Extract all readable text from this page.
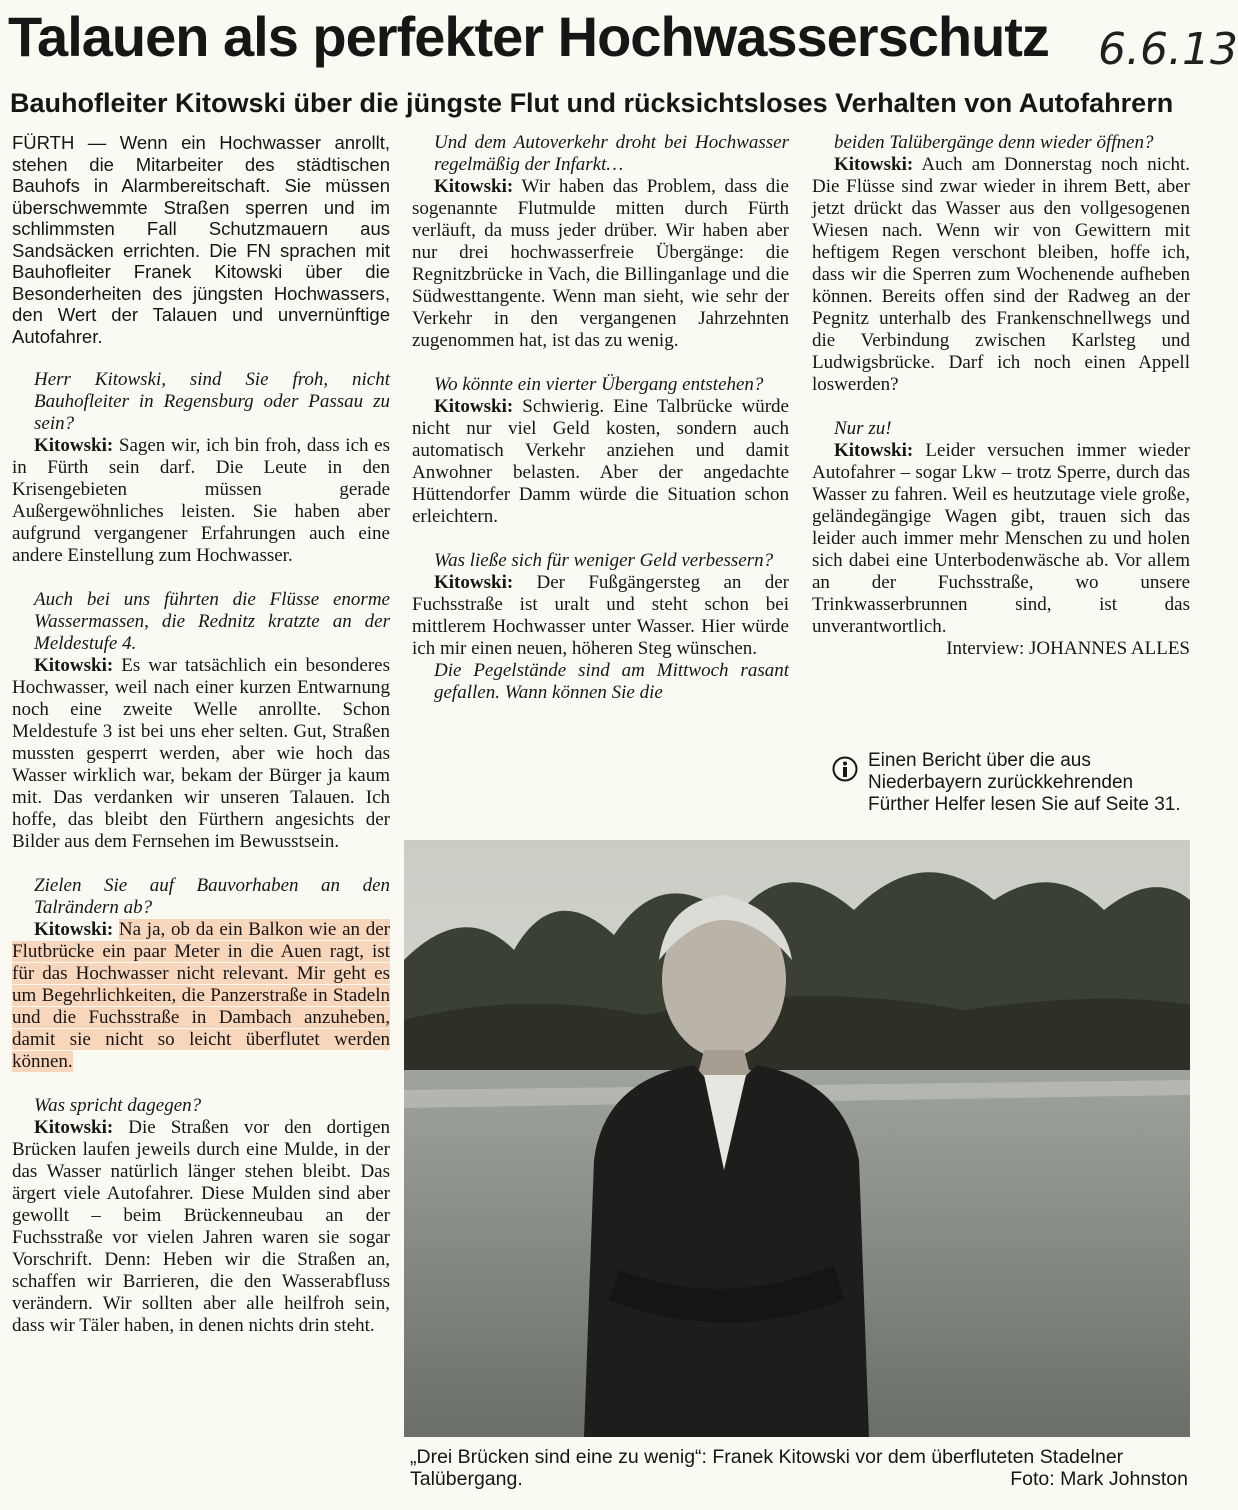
Talauen als perfekter Hochwasserschutz	6.6.13
Bauhofleiter Kitowski über die jüngste Flut und rücksichtsloses Verhalten von Autofahrern

FÜRTH — Wenn ein Hochwasser anrollt, stehen die Mitarbeiter des städtischen Bauhofs in Alarmbereitschaft. Sie müssen überschwemmte Straßen sperren und im schlimmsten Fall Schutzmauern aus Sandsäcken errichten. Die FN sprachen mit Bauhofleiter Franek Kitowski über die Besonderheiten des jüngsten Hochwassers, den Wert der Talauen und unvernünftige Autofahrer.

Herr Kitowski, sind Sie froh, nicht Bauhofleiter in Regensburg oder Passau zu sein?

Kitowski: Sagen wir, ich bin froh, dass ich es in Fürth sein darf. Die Leute in den Krisengebieten müssen gerade Außergewöhnliches leisten. Sie haben aber aufgrund vergangener Erfahrungen auch eine andere Einstellung zum Hochwasser.

Auch bei uns führten die Flüsse enorme Wassermassen, die Rednitz kratzte an der Meldestufe 4.

Kitowski: Es war tatsächlich ein besonderes Hochwasser, weil nach einer kurzen Entwarnung noch eine zweite Welle anrollte. Schon Meldestufe 3 ist bei uns eher selten. Gut, Straßen mussten gesperrt werden, aber wie hoch das Wasser wirklich war, bekam der Bürger ja kaum mit. Das verdanken wir unseren Talauen. Ich hoffe, das bleibt den Fürthern angesichts der Bilder aus dem Fernsehen im Bewusstsein.

Zielen Sie auf Bauvorhaben an den Talrändern ab?

Kitowski: Na ja, ob da ein Balkon wie an der Flutbrücke ein paar Meter in die Auen ragt, ist für das Hochwasser nicht relevant. Mir geht es um Begehrlichkeiten, die Panzerstraße in Stadeln und die Fuchsstraße in Dambach anzuheben, damit sie nicht so leicht überflutet werden können.

Was spricht dagegen?

Kitowski: Die Straßen vor den dortigen Brücken laufen jeweils durch eine Mulde, in der das Wasser natürlich länger stehen bleibt. Das ärgert viele Autofahrer. Diese Mulden sind aber gewollt – beim Brückenneubau an der Fuchsstraße vor vielen Jahren waren sie sogar Vorschrift. Denn: Heben wir die Straßen an, schaffen wir Barrieren, die den Wasserabfluss verändern. Wir sollten aber alle heilfroh sein, dass wir Täler haben, in denen nichts drin steht.

Und dem Autoverkehr droht bei Hochwasser regelmäßig der Infarkt…

Kitowski: Wir haben das Problem, dass die sogenannte Flutmulde mitten durch Fürth verläuft, da muss jeder drüber. Wir haben aber nur drei hochwasserfreie Übergänge: die Regnitzbrücke in Vach, die Billinganlage und die Südwesttangente. Wenn man sieht, wie sehr der Verkehr in den vergangenen Jahrzehnten zugenommen hat, ist das zu wenig.

Wo könnte ein vierter Übergang entstehen?

Kitowski: Schwierig. Eine Talbrücke würde nicht nur viel Geld kosten, sondern auch automatisch Verkehr anziehen und damit Anwohner belasten. Aber der angedachte Hüttendorfer Damm würde die Situation schon erleichtern.

Was ließe sich für weniger Geld verbessern?

Kitowski: Der Fußgängersteg an der Fuchsstraße ist uralt und steht schon bei mittlerem Hochwasser unter Wasser. Hier würde ich mir einen neuen, höheren Steg wünschen.

Die Pegelstände sind am Mittwoch rasant gefallen. Wann können Sie die
beiden Talübergänge denn wieder öffnen?

Kitowski: Auch am Donnerstag noch nicht. Die Flüsse sind zwar wieder in ihrem Bett, aber jetzt drückt das Wasser aus den vollgesogenen Wiesen nach. Wenn wir von Gewittern mit heftigem Regen verschont bleiben, hoffe ich, dass wir die Sperren zum Wochenende aufheben können. Bereits offen sind der Radweg an der Pegnitz unterhalb des Frankenschnellwegs und die Verbindung zwischen Karlsteg und Ludwigsbrücke. Darf ich noch einen Appell loswerden?

Nur zu!

Kitowski: Leider versuchen immer wieder Autofahrer – sogar Lkw – trotz Sperre, durch das Wasser zu fahren. Weil es heutzutage viele große, geländegängige Wagen gibt, trauen sich das leider auch immer mehr Menschen zu und holen sich dabei eine Unterbodenwäsche ab. Vor allem an der Fuchsstraße, wo unsere Trinkwasserbrunnen sind, ist das unverantwortlich.

Interview: JOHANNES ALLES
Einen Bericht über die aus Niederbayern zurückkehrenden Fürther Helfer lesen Sie auf Seite 31.
„Drei Brücken sind eine zu wenig“: Franek Kitowski vor dem überfluteten Stadelner Talübergang.	Foto: Mark Johnston
